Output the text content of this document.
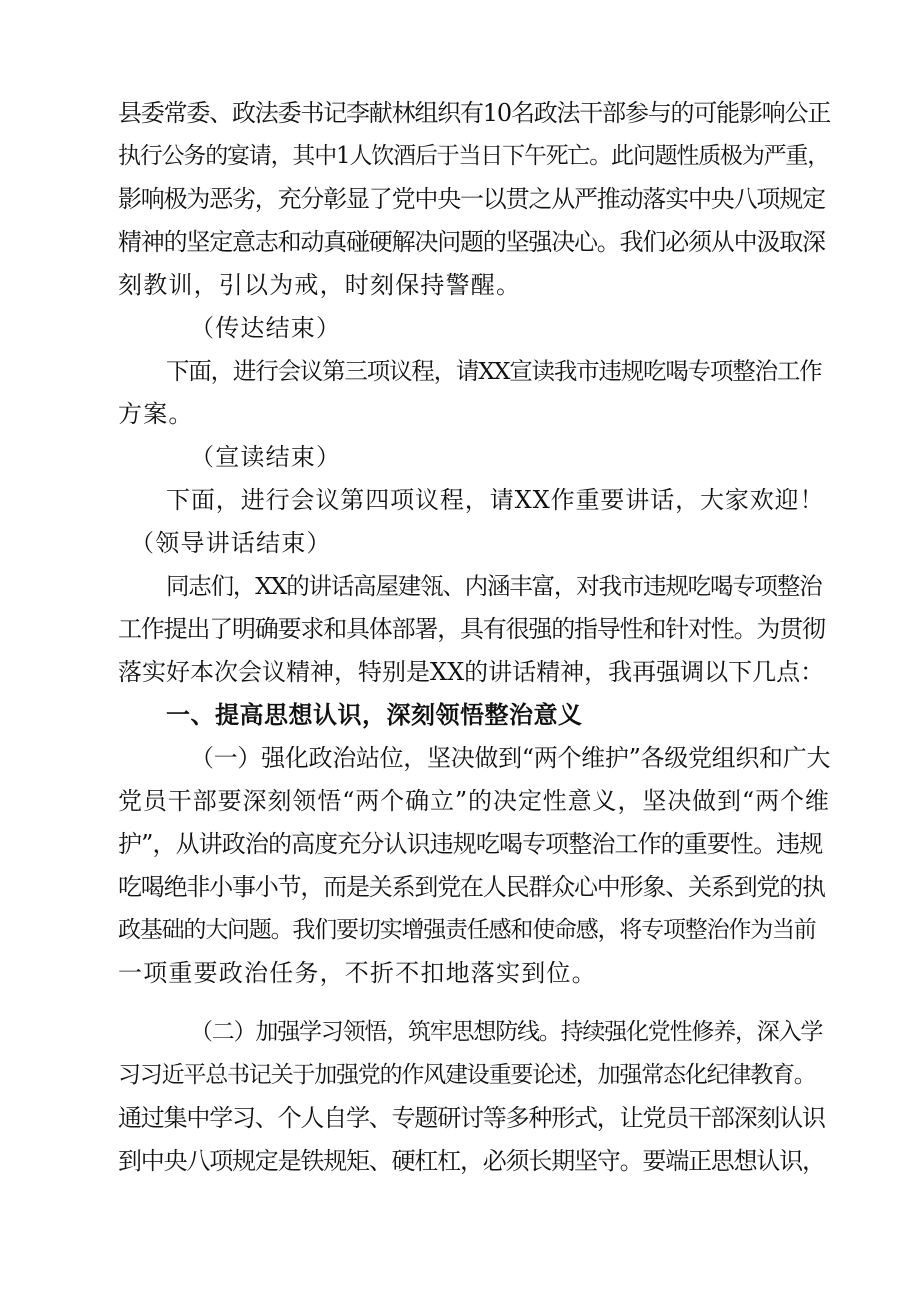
县委常委、政法委书记李献林组织有10名政法干部参与的可能影响公正
执行公务的宴请，其中1人饮酒后于当日下午死亡。此问题性质极为严重，
影响极为恶劣，充分彰显了党中央一以贯之从严推动落实中央八项规定
精神的坚定意志和动真碰硬解决问题的坚强决心。我们必须从中汲取深
刻教训，引以为戒，时刻保持警醒。
（传达结束）
下面，进行会议第三项议程，请XX宣读我市违规吃喝专项整治工作
方案。
（宣读结束）
下面，进行会议第四项议程，请XX作重要讲话，大家欢迎！
（领导讲话结束）
同志们，XX的讲话高屋建瓴、内涵丰富，对我市违规吃喝专项整治
工作提出了明确要求和具体部署，具有很强的指导性和针对性。为贯彻
落实好本次会议精神，特别是XX的讲话精神，我再强调以下几点：
一、提高思想认识，深刻领悟整治意义
（一）强化政治站位，坚决做到“两个维护”各级党组织和广大
党员干部要深刻领悟“两个确立”的决定性意义，坚决做到“两个维
护”，从讲政治的高度充分认识违规吃喝专项整治工作的重要性。违规
吃喝绝非小事小节，而是关系到党在人民群众心中形象、关系到党的执
政基础的大问题。我们要切实增强责任感和使命感，将专项整治作为当前
一项重要政治任务，不折不扣地落实到位。
（二）加强学习领悟，筑牢思想防线。持续强化党性修养，深入学
习习近平总书记关于加强党的作风建设重要论述，加强常态化纪律教育。
通过集中学习、个人自学、专题研讨等多种形式，让党员干部深刻认识
到中央八项规定是铁规矩、硬杠杠，必须长期坚守。要端正思想认识，
